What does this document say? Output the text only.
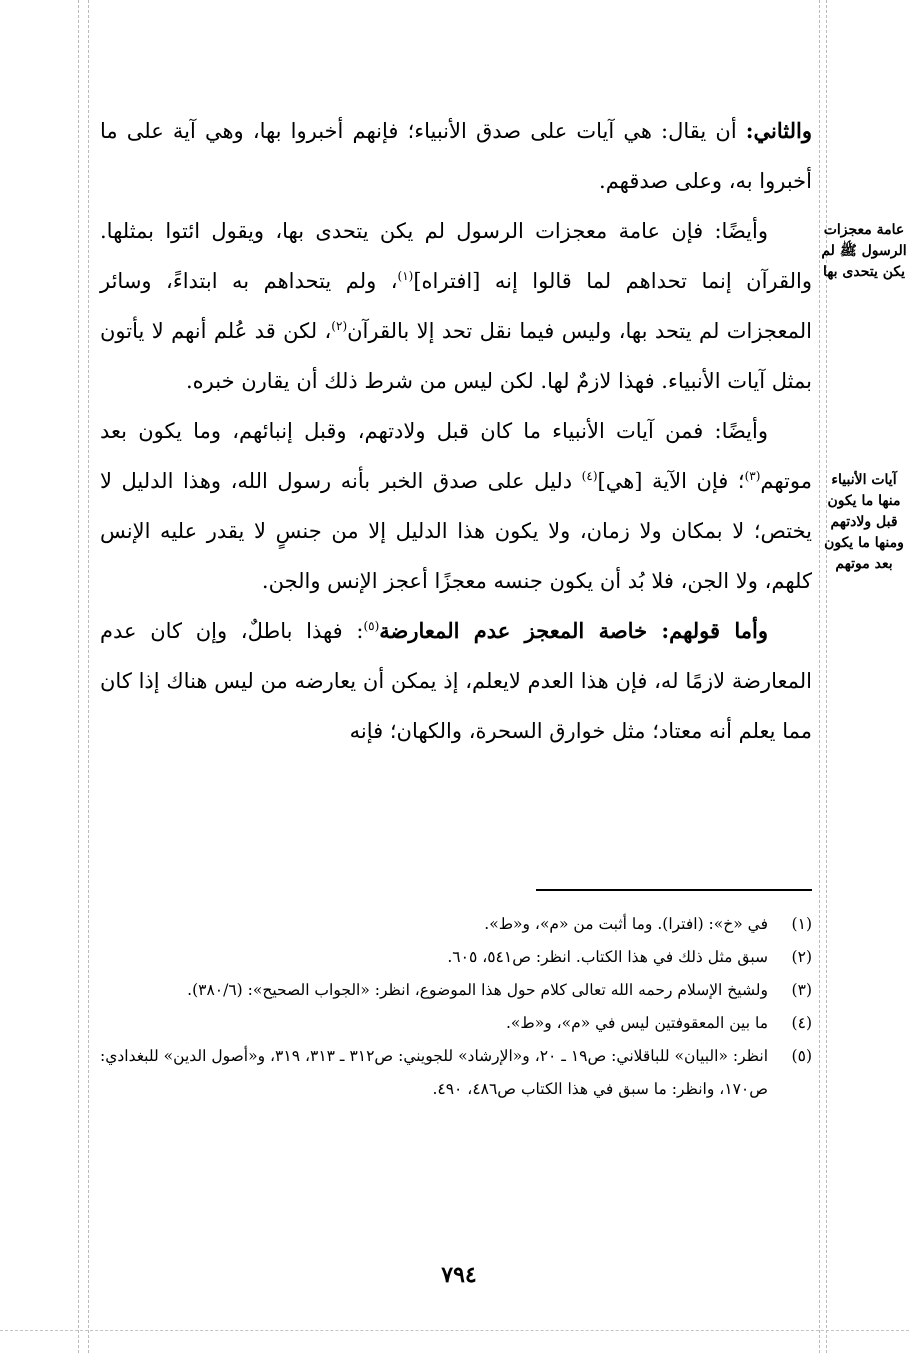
عامة معجزات الرسول ﷺ لم يكن يتحدى بها
آيات الأنبياء منها ما يكون قبل ولادتهم ومنها ما يكون بعد موتهم

والثاني: أن يقال: هي آيات على صدق الأنبياء؛ فإنهم أخبروا بها، وهي آية على ما أخبروا به، وعلى صدقهم.

وأيضًا: فإن عامة معجزات الرسول لم يكن يتحدى بها، ويقول ائتوا بمثلها. والقرآن إنما تحداهم لما قالوا إنه [افتراه]$^{(١)}$، ولم يتحداهم به ابتداءً، وسائر المعجزات لم يتحد بها، وليس فيما نقل تحد إلا بالقرآن$^{(٢)}$، لكن قد عُلم أنهم لا يأتون بمثل آيات الأنبياء. فهذا لازمٌ لها. لكن ليس من شرط ذلك أن يقارن خبره.

وأيضًا: فمن آيات الأنبياء ما كان قبل ولادتهم، وقبل إنبائهم، وما يكون بعد موتهم$^{(٣)}$؛ فإن الآية [هي]$^{(٤)}$ دليل على صدق الخبر بأنه رسول الله، وهذا الدليل لا يختص؛ لا بمكان ولا زمان، ولا يكون هذا الدليل إلا من جنسٍ لا يقدر عليه الإنس كلهم، ولا الجن، فلا بُد أن يكون جنسه معجزًا أعجز الإنس والجن.

وأما قولهم: خاصة المعجز عدم المعارضة$^{(٥)}$: فهذا باطلٌ، وإن كان عدم المعارضة لازمًا له، فإن هذا العدم لايعلم، إذ يمكن أن يعارضه من ليس هناك إذا كان مما يعلم أنه معتاد؛ مثل خوارق السحرة، والكهان؛ فإنه

(١)
في «خ»: (افترا). وما أثبت من «م»، و«ط».
(٢)
سبق مثل ذلك في هذا الكتاب. انظر: ص٥٤١، ٦٠٥.
(٣)
ولشيخ الإسلام رحمه الله تعالى كلام حول هذا الموضوع، انظر: «الجواب الصحيح»: (٣٨٠/٦).
(٤)
ما بين المعقوفتين ليس في «م»، و«ط».
(٥)
انظر: «البيان» للباقلاني: ص١٩ ـ ٢٠، و«الإرشاد» للجويني: ص٣١٢ ـ ٣١٣، ٣١٩، و«أصول الدين» للبغدادي: ص١٧٠، وانظر: ما سبق في هذا الكتاب ص٤٨٦، ٤٩٠.
٧٩٤
